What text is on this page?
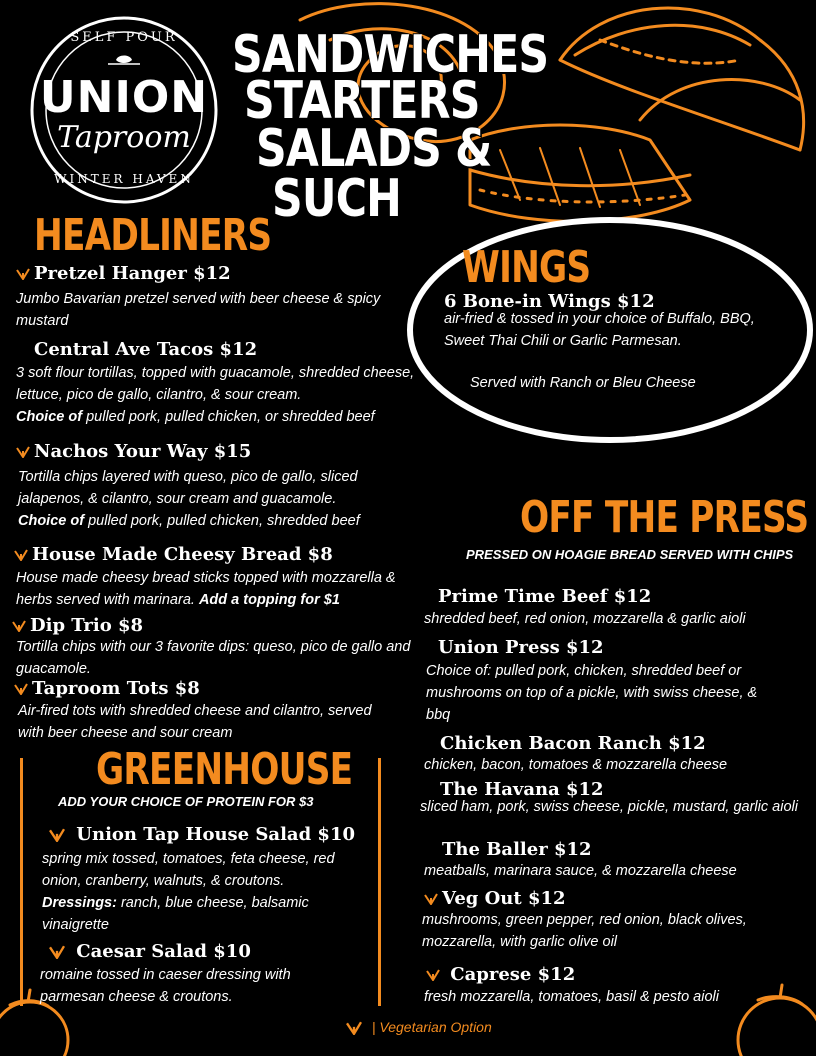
SELF POUR
UNION
Taproom
WINTER HAVEN
SANDWICHES
STARTERS
SALADS &
SUCH
HEADLINERS
Pretzel Hanger $12
Jumbo Bavarian pretzel served with beer cheese & spicy mustard
Central Ave Tacos $12
3 soft flour tortillas, topped with guacamole, shredded cheese, lettuce, pico de gallo, cilantro, & sour cream.
Choice of pulled pork, pulled chicken, or shredded beef
Nachos Your Way $15
Tortilla chips layered with queso, pico de gallo, sliced jalapenos, & cilantro, sour cream and guacamole.
Choice of pulled pork, pulled chicken, shredded beef
House Made Cheesy Bread $8
House made cheesy bread sticks topped with mozzarella & herbs served with marinara. Add a topping for $1
Dip Trio $8
Tortilla chips with our 3 favorite dips: queso, pico de gallo and guacamole.
Taproom Tots $8
Air-fired tots with shredded cheese and cilantro, served with beer cheese and sour cream
GREENHOUSE
ADD YOUR CHOICE OF PROTEIN FOR $3
Union Tap House Salad $10
spring mix tossed, tomatoes, feta cheese, red onion, cranberry, walnuts, & croutons.
Dressings: ranch, blue cheese, balsamic vinaigrette
Caesar Salad $10
romaine tossed in caeser dressing with parmesan cheese & croutons.
WINGS
6 Bone-in Wings $12
air-fried & tossed in your choice of Buffalo, BBQ, Sweet Thai Chili or Garlic Parmesan.
Served with Ranch or Bleu Cheese
OFF THE PRESS
PRESSED ON HOAGIE BREAD SERVED WITH CHIPS
Prime Time Beef $12
shredded beef, red onion, mozzarella & garlic aioli
Union Press $12
Choice of: pulled pork, chicken, shredded beef or mushrooms on top of a pickle, with swiss cheese, & bbq
Chicken Bacon Ranch $12
chicken, bacon, tomatoes & mozzarella cheese
The Havana $12
sliced ham, pork, swiss cheese, pickle, mustard, garlic aioli
The Baller $12
meatballs, marinara sauce, & mozzarella cheese
Veg Out $12
mushrooms, green pepper, red onion, black olives, mozzarella, with garlic olive oil
Caprese $12
fresh mozzarella, tomatoes, basil & pesto aioli
| Vegetarian Option
